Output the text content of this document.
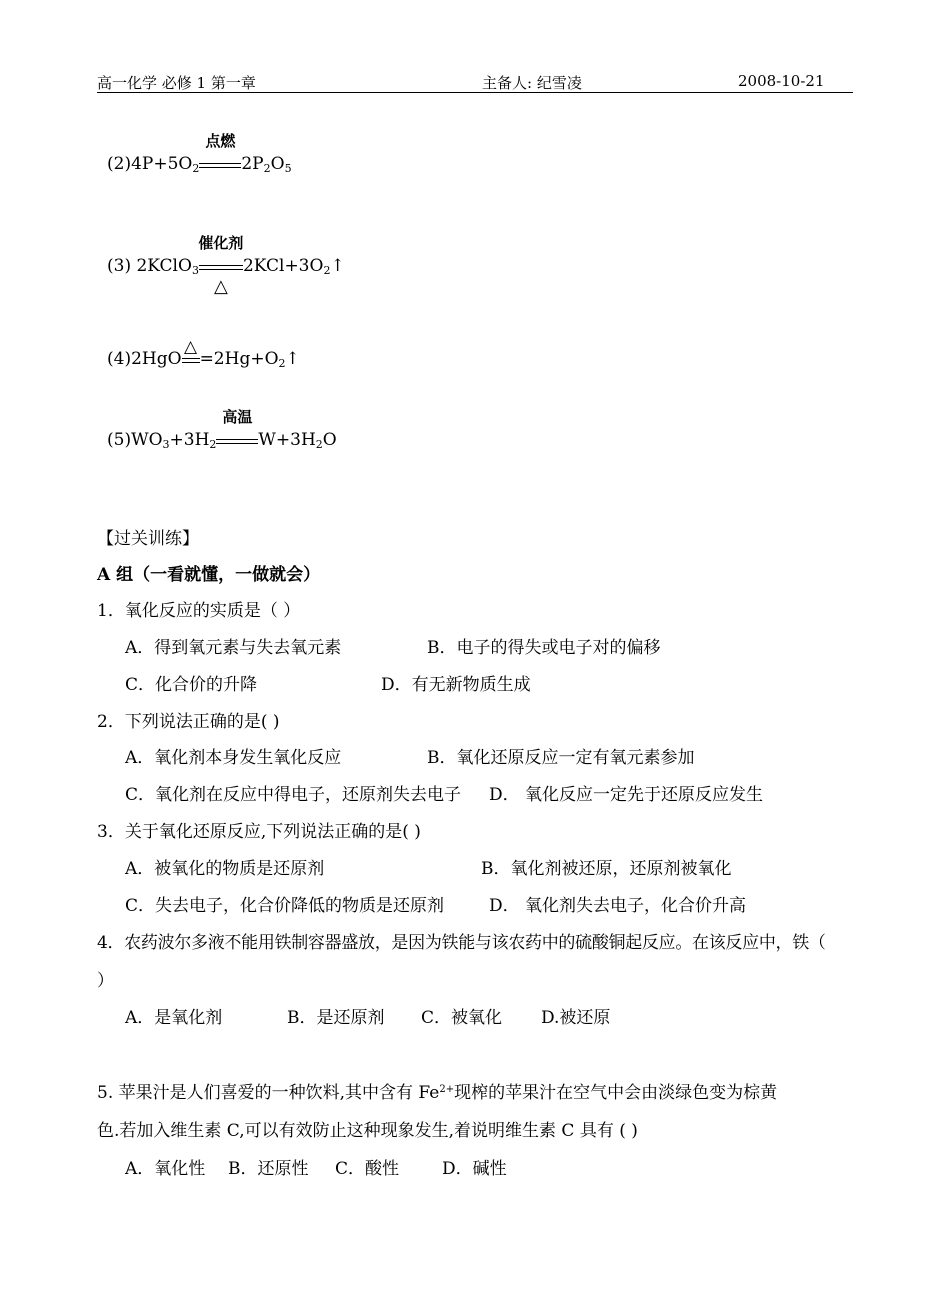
高一化学 必修 1 第一章	主备人: 纪雪凌	2008-10-21
$(2)4P+5O_2$
点燃
$2P_2O_5$
(3) 2KClO$_3$
催化剂
△
$2KCl+3O_2↑$
(4)2HgO
△
$=2Hg+O_2↑$
$(5)WO_3+3H_2$
高温
$W+3H_2O$
【过关训练】
A 组（一看就懂，一做就会）
1．氧化反应的实质是（ ）
A．得到氧元素与失去氧元素	B．电子的得失或电子对的偏移
C．化合价的升降	D．有无新物质生成
2．下列说法正确的是( )
A．氧化剂本身发生氧化反应	B．氧化还原反应一定有氧元素参加
C．氧化剂在反应中得电子，还原剂失去电子 D． 氧化反应一定先于还原反应发生
3．关于氧化还原反应,下列说法正确的是( )
A．被氧化的物质是还原剂	B．氧化剂被还原，还原剂被氧化
C．失去电子，化合价降低的物质是还原剂	D． 氧化剂失去电子，化合价升高
4．农药波尔多液不能用铁制容器盛放，是因为铁能与该农药中的硫酸铜起反应。在该反应中，铁（
）
A．是氧化剂	B．是还原剂 C．被氧化 D.被还原
5. 苹果汁是人们喜爱的一种饮料,其中含有 $Fe^{2+}$现榨的苹果汁在空气中会由淡绿色变为棕黄
色.若加入维生素 C,可以有效防止这种现象发生,着说明维生素 C 具有 ( )
A．氧化性 B．还原性 C．酸性	D．碱性
